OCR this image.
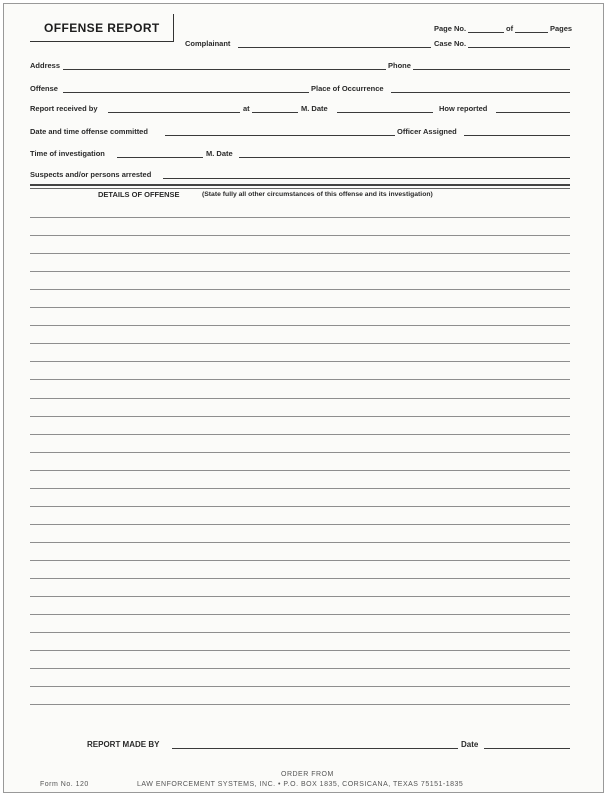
OFFENSE REPORT	Page No.	of	Pages
Complainant	Case No.
Address	Phone
Offense	Place of Occurrence
Report received by	at	M. Date	How reported
Date and time offense committed	Officer Assigned
Time of investigation	M. Date
Suspects and/or persons arrested
DETAILS OF OFFENSE	(State fully all other circumstances of this offense and its investigation)
REPORT MADE BY	Date
ORDER FROM
Form No. 120	LAW ENFORCEMENT SYSTEMS, INC. • P.O. BOX 1835, CORSICANA, TEXAS 75151-1835
